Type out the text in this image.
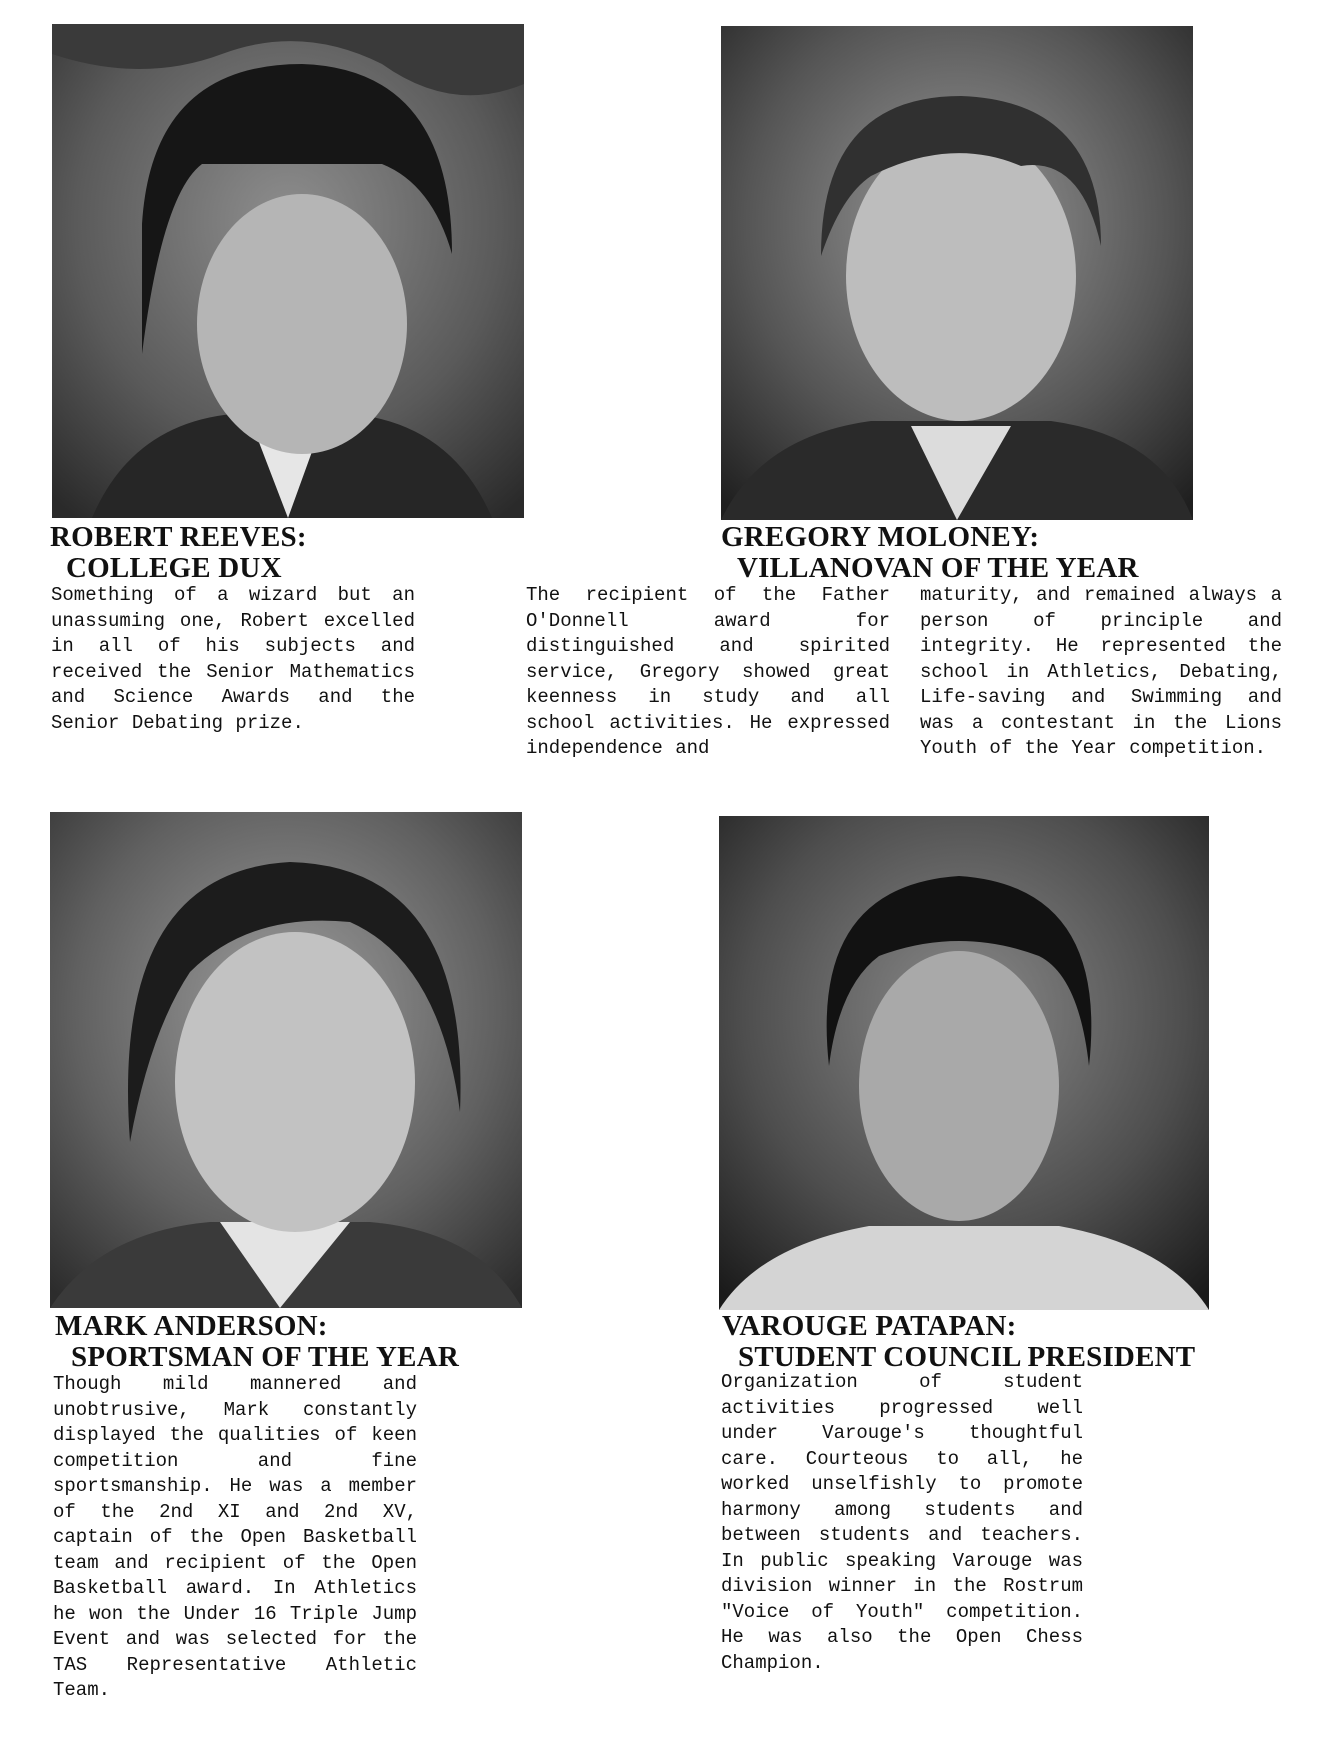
ROBERT REEVES:
COLLEGE DUX

Something of a wizard but an unassuming one, Robert excelled in all of his subjects and received the Senior Mathematics and Science Awards and the Senior Debating prize.

GREGORY MOLONEY:
VILLANOVAN OF THE YEAR

The recipient of the Father O'Donnell award for distinguished and spirited service, Gregory showed great keenness in study and all school activities. He expressed independence and

maturity, and remained always a person of principle and integrity. He represented the school in Athletics, Debating, Life-saving and Swimming and was a contestant in the Lions Youth of the Year competition.

MARK ANDERSON:
SPORTSMAN OF THE YEAR

Though mild mannered and unobtrusive, Mark constantly displayed the qualities of keen competition and fine sportsmanship. He was a member of the 2nd XI and 2nd XV, captain of the Open Basketball team and recipient of the Open Basketball award. In Athletics he won the Under 16 Triple Jump Event and was selected for the TAS Representative Athletic Team.

VAROUGE PATAPAN:
STUDENT COUNCIL PRESIDENT

Organization of student activities progressed well under Varouge's thoughtful care. Courteous to all, he worked unselfishly to promote harmony among students and between students and teachers. In public speaking Varouge was division winner in the Rostrum "Voice of Youth" competition. He was also the Open Chess Champion.
